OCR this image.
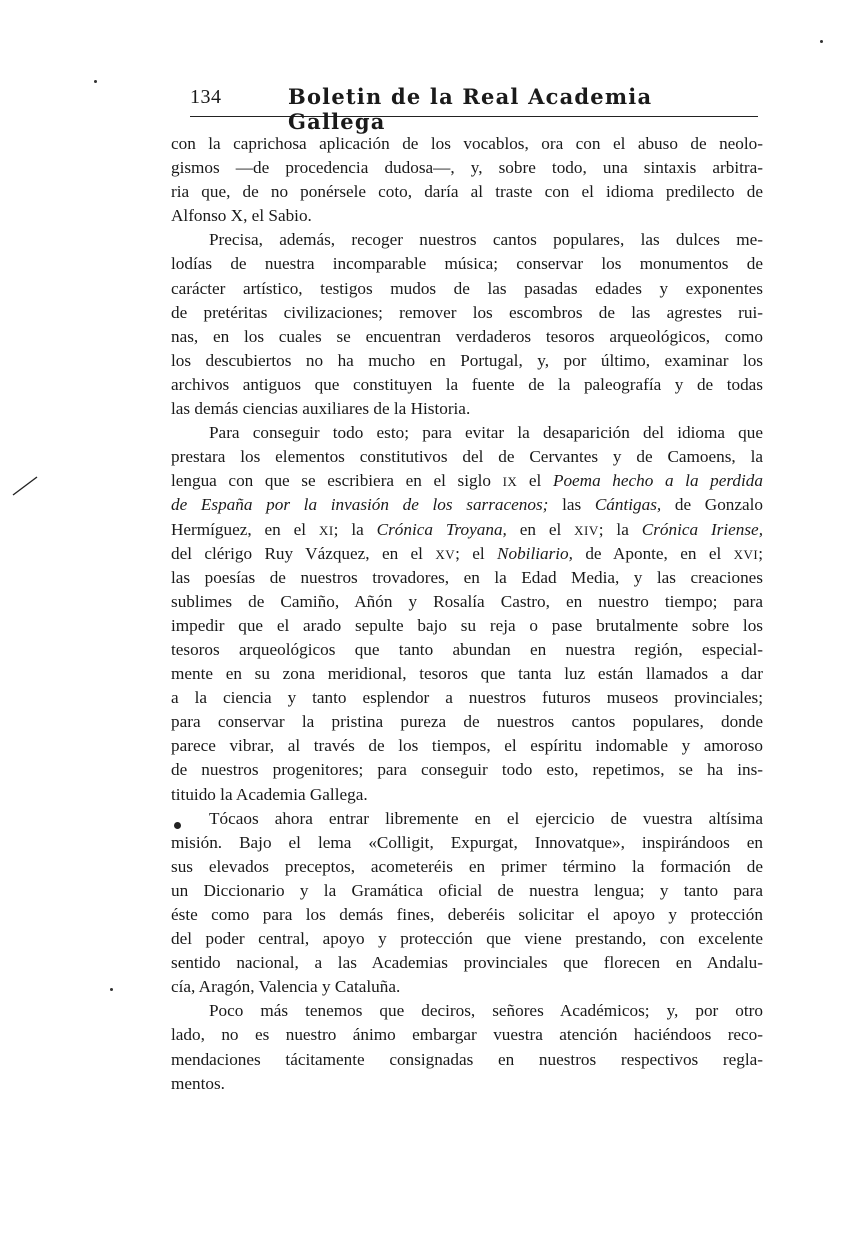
134	Boletin de la Real Academia Gallega
con la caprichosa aplicación de los vocablos, ora con el abuso de neolo-
gismos —de procedencia dudosa—, y, sobre todo, una sintaxis arbitra-
ria que, de no ponérsele coto, daría al traste con el idioma predilecto de
Alfonso X, el Sabio.
Precisa, además, recoger nuestros cantos populares, las dulces me-
lodías de nuestra incomparable música; conservar los monumentos de
carácter artístico, testigos mudos de las pasadas edades y exponentes
de pretéritas civilizaciones; remover los escombros de las agrestes rui-
nas, en los cuales se encuentran verdaderos tesoros arqueológicos, como
los descubiertos no ha mucho en Portugal, y, por último, examinar los
archivos antiguos que constituyen la fuente de la paleografía y de todas
las demás ciencias auxiliares de la Historia.
Para conseguir todo esto; para evitar la desaparición del idioma que
prestara los elementos constitutivos del de Cervantes y de Camoens, la
lengua con que se escribiera en el siglo IX el Poema hecho a la perdida
de España por la invasión de los sarracenos; las Cántigas, de Gonzalo
Hermíguez, en el XI; la Crónica Troyana, en el XIV; la Crónica Iriense,
del clérigo Ruy Vázquez, en el XV; el Nobiliario, de Aponte, en el XVI;
las poesías de nuestros trovadores, en la Edad Media, y las creaciones
sublimes de Camiño, Añón y Rosalía Castro, en nuestro tiempo; para
impedir que el arado sepulte bajo su reja o pase brutalmente sobre los
tesoros arqueológicos que tanto abundan en nuestra región, especial-
mente en su zona meridional, tesoros que tanta luz están llamados a dar
a la ciencia y tanto esplendor a nuestros futuros museos provinciales;
para conservar la pristina pureza de nuestros cantos populares, donde
parece vibrar, al través de los tiempos, el espíritu indomable y amoroso
de nuestros progenitores; para conseguir todo esto, repetimos, se ha ins-
tituido la Academia Gallega.
Tócaos ahora entrar libremente en el ejercicio de vuestra altísima
misión. Bajo el lema «Colligit, Expurgat, Innovatque», inspirándoos en
sus elevados preceptos, acometeréis en primer término la formación de
un Diccionario y la Gramática oficial de nuestra lengua; y tanto para
éste como para los demás fines, deberéis solicitar el apoyo y protección
del poder central, apoyo y protección que viene prestando, con excelente
sentido nacional, a las Academias provinciales que florecen en Andalu-
cía, Aragón, Valencia y Cataluña.
Poco más tenemos que deciros, señores Académicos; y, por otro
lado, no es nuestro ánimo embargar vuestra atención haciéndoos reco-
mendaciones tácitamente consignadas en nuestros respectivos regla-
mentos.
